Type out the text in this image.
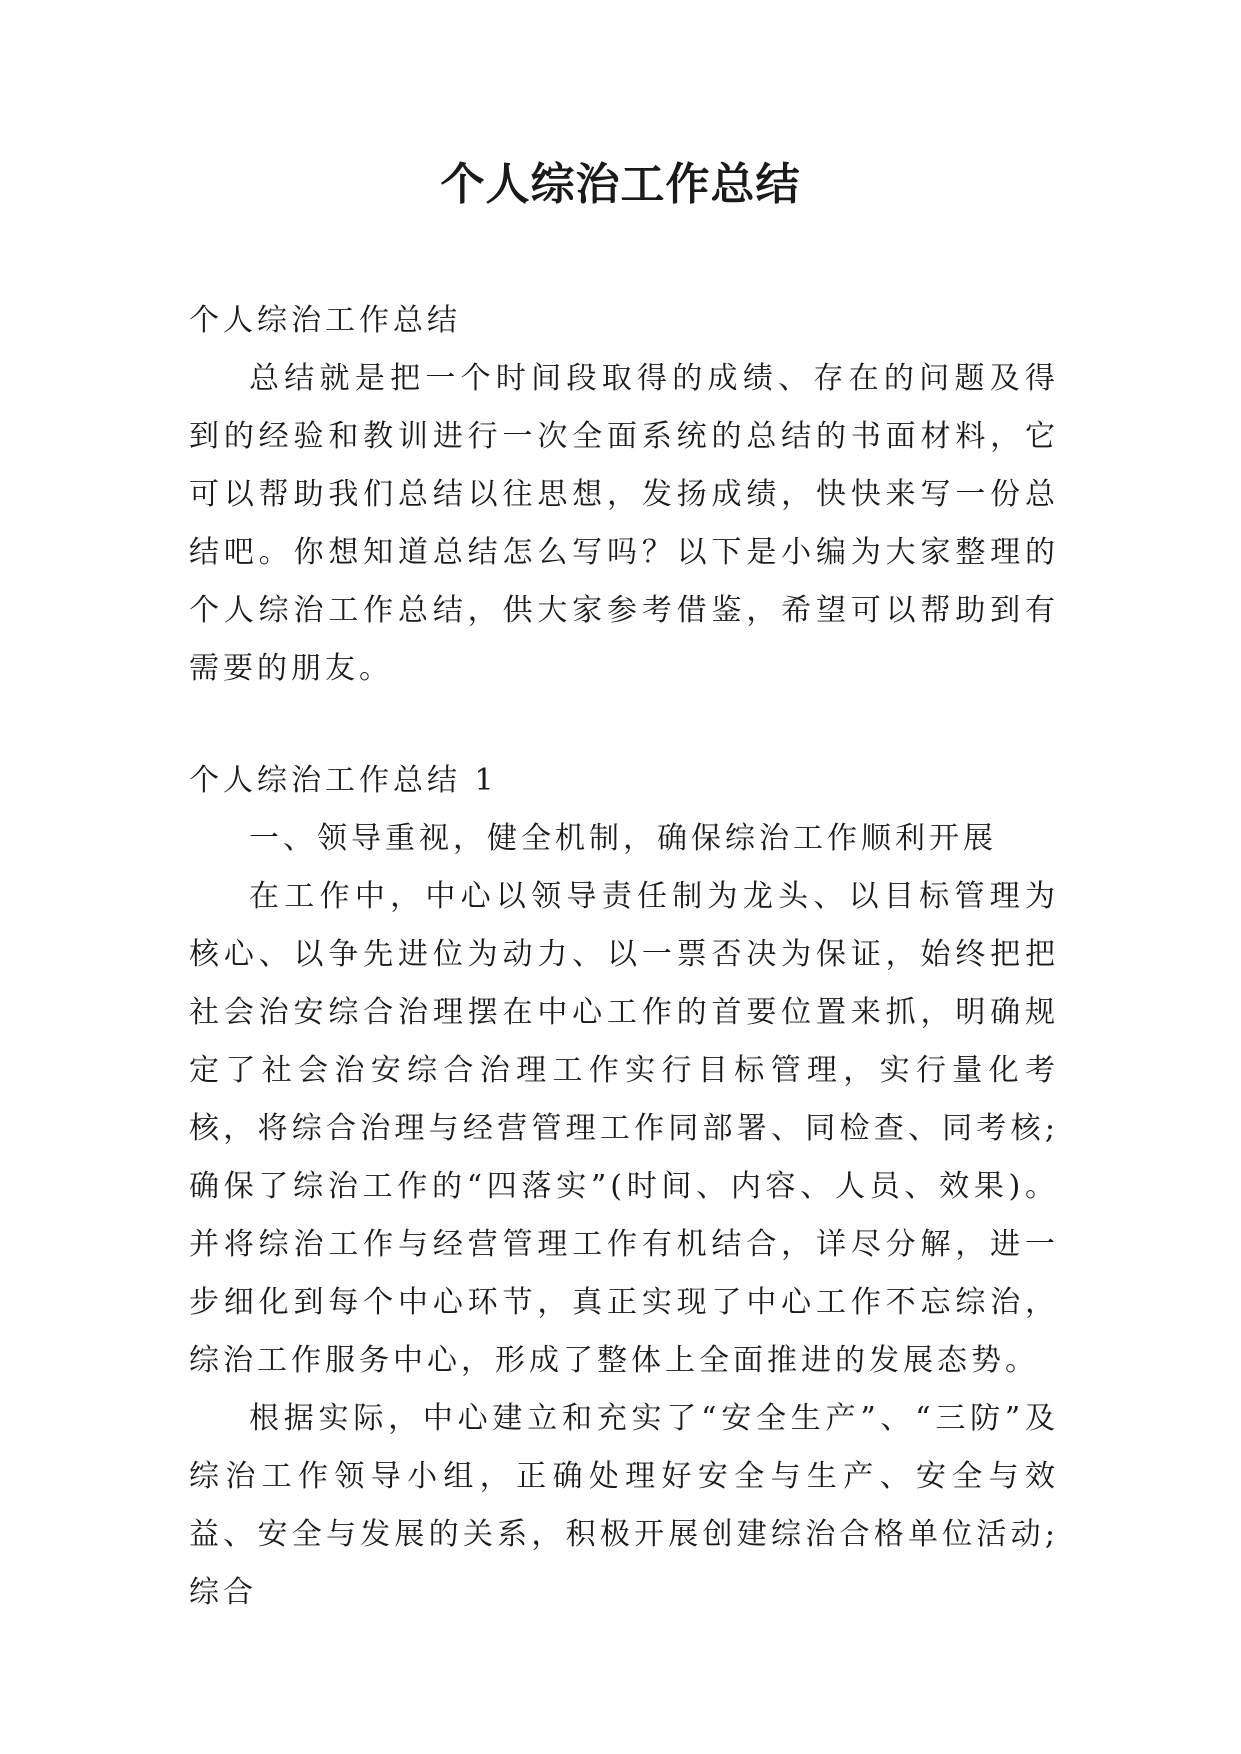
个人综治工作总结

个人综治工作总结

总结就是把一个时间段取得的成绩、存在的问题及得到的经验和教训进行一次全面系统的总结的书面材料，它可以帮助我们总结以往思想，发扬成绩，快快来写一份总结吧。你想知道总结怎么写吗？以下是小编为大家整理的个人综治工作总结，供大家参考借鉴，希望可以帮助到有需要的朋友。

个人综治工作总结 1

一、领导重视，健全机制，确保综治工作顺利开展

在工作中，中心以领导责任制为龙头、以目标管理为核心、以争先进位为动力、以一票否决为保证，始终把把社会治安综合治理摆在中心工作的首要位置来抓，明确规定了社会治安综合治理工作实行目标管理，实行量化考核，将综合治理与经营管理工作同部署、同检查、同考核;确保了综治工作的“四落实”(时间、内容、人员、效果)。并将综治工作与经营管理工作有机结合，详尽分解，进一步细化到每个中心环节，真正实现了中心工作不忘综治，综治工作服务中心，形成了整体上全面推进的发展态势。

根据实际，中心建立和充实了“安全生产”、“三防”及综治工作领导小组，正确处理好安全与生产、安全与效益、安全与发展的关系，积极开展创建综治合格单位活动;综合
